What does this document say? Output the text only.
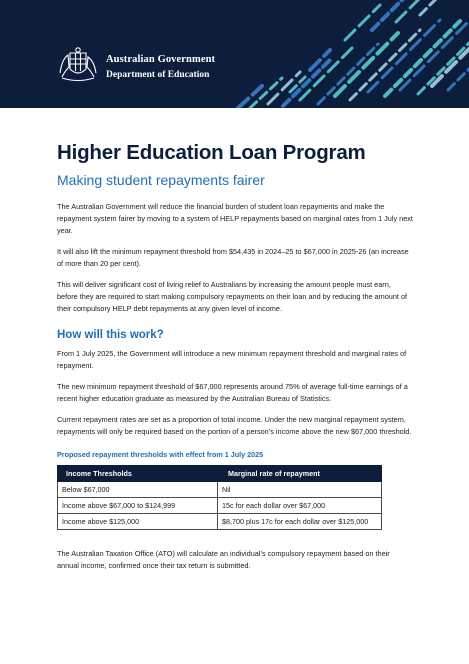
Australian Government
Department of Education
Higher Education Loan Program
Making student repayments fairer

The Australian Government will reduce the financial burden of student loan repayments and make the repayment system fairer by moving to a system of HELP repayments based on marginal rates from 1 July next year.

It will also lift the minimum repayment threshold from $54,435 in 2024–25 to $67,000 in 2025-26 (an increase of more than 20 per cent).

This will deliver significant cost of living relief to Australians by increasing the amount people must earn, before they are required to start making compulsory repayments on their loan and by reducing the amount of their compulsory HELP debt repayments at any given level of income.

How will this work?

From 1 July 2025, the Government will introduce a new minimum repayment threshold and marginal rates of repayment.

The new minimum repayment threshold of $67,000 represents around 75% of average full-time earnings of a recent higher education graduate as measured by the Australian Bureau of Statistics.

Current repayment rates are set as a proportion of total income. Under the new marginal repayment system, repayments will only be required based on the portion of a person’s income above the new $67,000 threshold.

Proposed repayment thresholds with effect from 1 July 2025
Income Thresholds	Marginal rate of repayment
Below $67,000	Nil
Income above $67,000 to $124,999	15c for each dollar over $67,000
Income above $125,000	$8,700 plus 17c for each dollar over $125,000

The Australian Taxation Office (ATO) will calculate an individual’s compulsory repayment based on their annual income, confirmed once their tax return is submitted.
